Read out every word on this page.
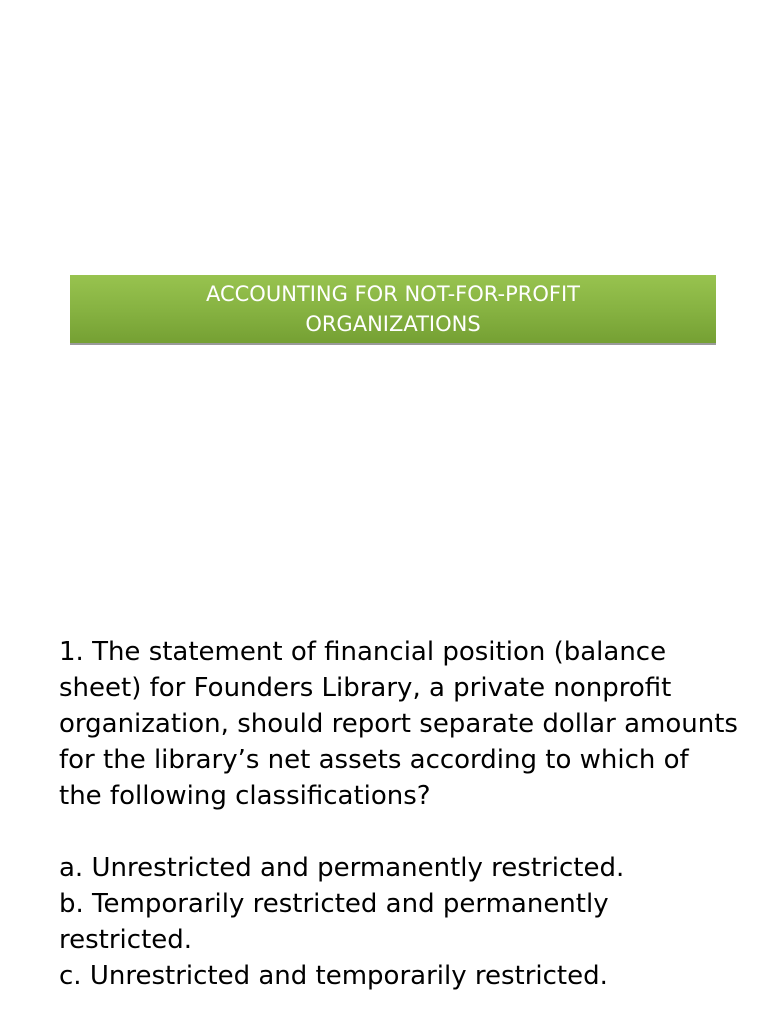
ACCOUNTING FOR NOT-FOR-PROFIT
ORGANIZATIONS

1. The statement of financial position (balance sheet) for Founders Library, a private nonprofit organization, should report separate dollar amounts for the library’s net assets according to which of the following classifications?

a. Unrestricted and permanently restricted.

b. Temporarily restricted and permanently restricted.

c. Unrestricted and temporarily restricted.
